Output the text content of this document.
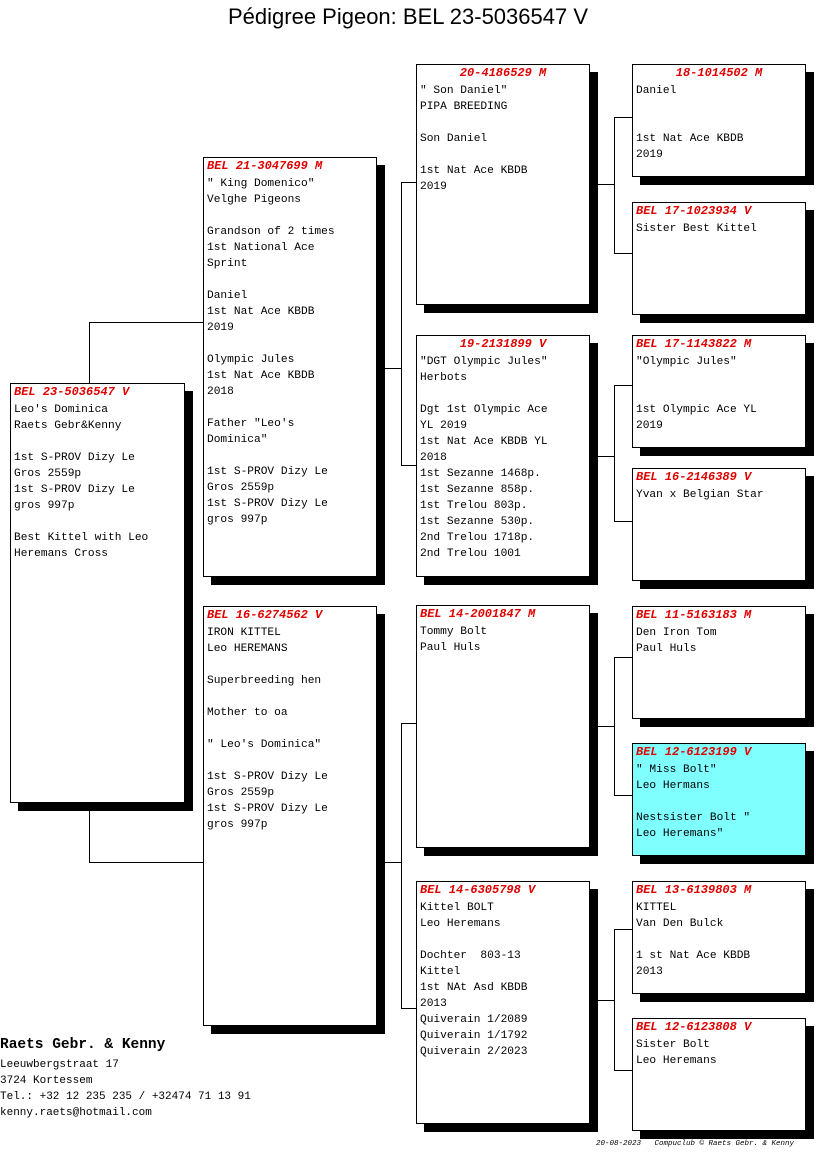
Pédigree Pigeon: BEL 23-5036547 V
BEL 23-5036547 V
Leo's Dominica
Raets Gebr&Kenny

1st S-PROV Dizy Le
Gros 2559p
1st S-PROV Dizy Le
gros 997p

Best Kittel with Leo
Heremans Cross
BEL 21-3047699 M
" King Domenico"
Velghe Pigeons

Grandson of 2 times
1st National Ace
Sprint

Daniel
1st Nat Ace KBDB
2019

Olympic Jules
1st Nat Ace KBDB
2018

Father "Leo's
Dominica"

1st S-PROV Dizy Le
Gros 2559p
1st S-PROV Dizy Le
gros 997p
BEL 16-6274562 V
IRON KITTEL
Leo HEREMANS

Superbreeding hen

Mother to oa

" Leo's Dominica"

1st S-PROV Dizy Le
Gros 2559p
1st S-PROV Dizy Le
gros 997p
20-4186529 M
" Son Daniel"
PIPA BREEDING

Son Daniel

1st Nat Ace KBDB
2019
19-2131899 V
"DGT Olympic Jules"
Herbots

Dgt 1st Olympic Ace
YL 2019
1st Nat Ace KBDB YL
2018
1st Sezanne 1468p.
1st Sezanne 858p.
1st Trelou 803p.
1st Sezanne 530p.
2nd Trelou 1718p.
2nd Trelou 1001
BEL 14-2001847 M
Tommy Bolt
Paul Huls
BEL 14-6305798 V
Kittel BOLT
Leo Heremans

Dochter  803-13
Kittel
1st NAt Asd KBDB
2013
Quiverain 1/2089
Quiverain 1/1792
Quiverain 2/2023
18-1014502 M
Daniel

1st Nat Ace KBDB
2019
BEL 17-1023934 V
Sister Best Kittel
BEL 17-1143822 M
"Olympic Jules"

1st Olympic Ace YL
2019
BEL 16-2146389 V
Yvan x Belgian Star
BEL 11-5163183 M
Den Iron Tom
Paul Huls
BEL 12-6123199 V
" Miss Bolt"
Leo Hermans

Nestsister Bolt "
Leo Heremans"
BEL 13-6139803 M
KITTEL
Van Den Bulck

1 st Nat Ace KBDB
2013
BEL 12-6123808 V
Sister Bolt
Leo Heremans
Raets Gebr. & Kenny
Leeuwbergstraat 17
3724 Kortessem
Tel.: +32 12 235 235 / +32474 71 13 91
kenny.raets@hotmail.com
20-08-2023   Compuclub © Raets Gebr. & Kenny
